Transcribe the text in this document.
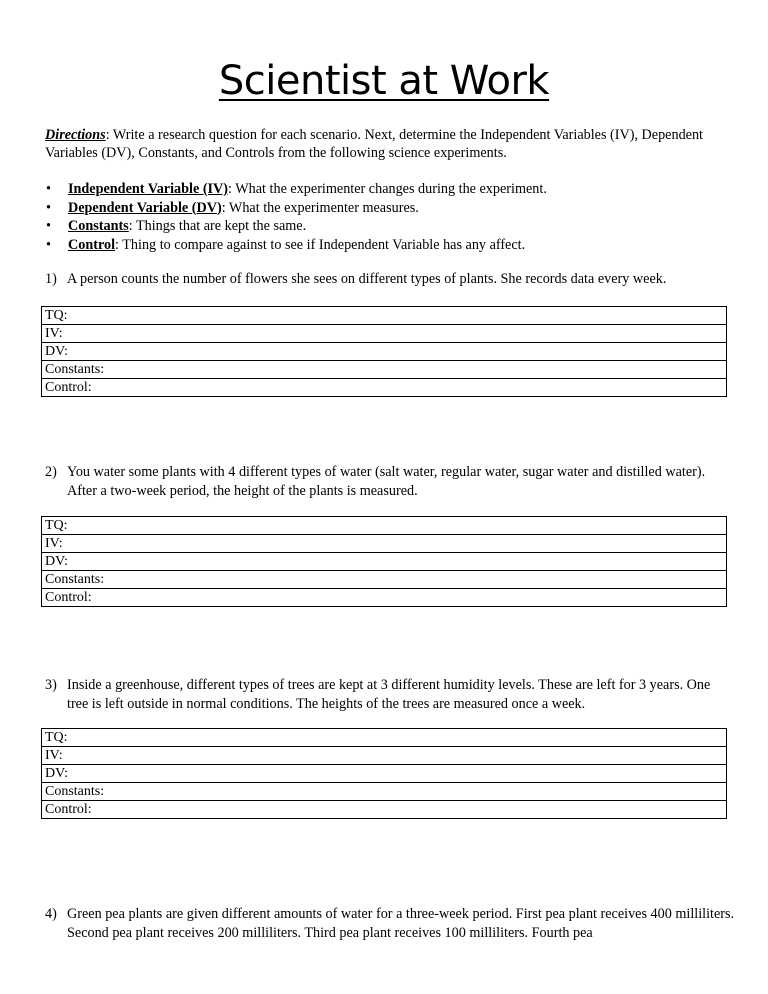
Scientist at Work
Directions: Write a research question for each scenario. Next, determine the Independent Variables (IV), Dependent Variables (DV), Constants, and Controls from the following science experiments.
• Independent Variable (IV): What the experimenter changes during the experiment.
• Dependent Variable (DV): What the experimenter measures.
• Constants: Things that are kept the same.
• Control: Thing to compare against to see if Independent Variable has any affect.
1) A person counts the number of flowers she sees on different types of plants. She records data every week.
TQ:
IV:
DV:
Constants:
Control:
2) You water some plants with 4 different types of water (salt water, regular water, sugar water and distilled water). After a two-week period, the height of the plants is measured.
TQ:
IV:
DV:
Constants:
Control:
3) Inside a greenhouse, different types of trees are kept at 3 different humidity levels. These are left for 3 years. One tree is left outside in normal conditions. The heights of the trees are measured once a week.
TQ:
IV:
DV:
Constants:
Control:
4) Green pea plants are given different amounts of water for a three-week period. First pea plant receives 400 milliliters. Second pea plant receives 200 milliliters. Third pea plant receives 100 milliliters. Fourth pea
